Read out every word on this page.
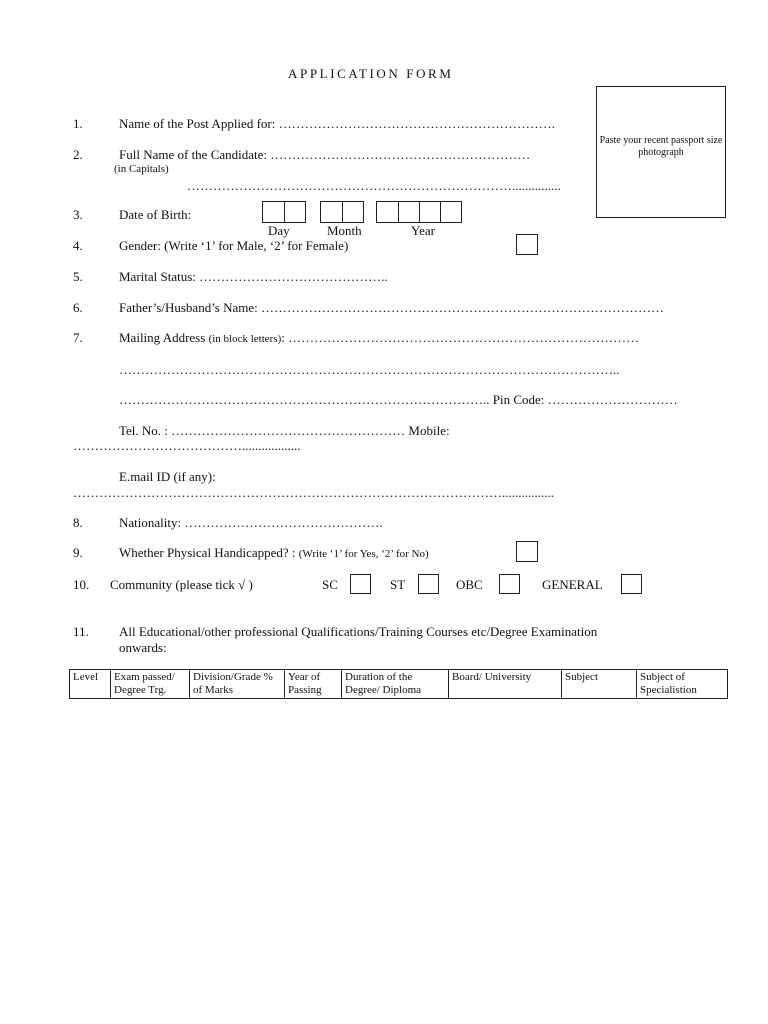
APPLICATION FORM
Paste your recent passport size photograph
1.	Name of the Post Applied for: ……………………………………………………….
2.	Full Name of the Candidate: ……………………………………………………
(in Capitals)
…………………………………………………………………...............
3.	Date of Birth:
Day	Month	Year
4.	Gender: (Write ‘1’ for Male, ‘2’ for Female)
5.	Marital Status: ……………………………………..
6.	Father’s/Husband’s Name: …………………………………………………………………………………
7.	Mailing Address (in block letters): ………………………………………………………………………
……………………………………………………………………………………………………..
………………………………………………………………………….. Pin Code: …………………………
Tel. No. : ……………………………………………… Mobile:
…………………………………..................
E.mail ID (if any):
………………………………………………………………………………………................
8.	Nationality: ……………………………………….
9.	Whether Physical Handicapped? : (Write ‘1’ for Yes, ‘2’ for No)
10. Community (please tick √ )	SC	ST	OBC	GENERAL
11. All Educational/other professional Qualifications/Training Courses etc/Degree Examination
onwards:
Level	Exam passed/ Degree Trg.	Division/Grade % of Marks	Year of Passing	Duration of the Degree/ Diploma	Board/ University	Subject	Subject of Specialistion
